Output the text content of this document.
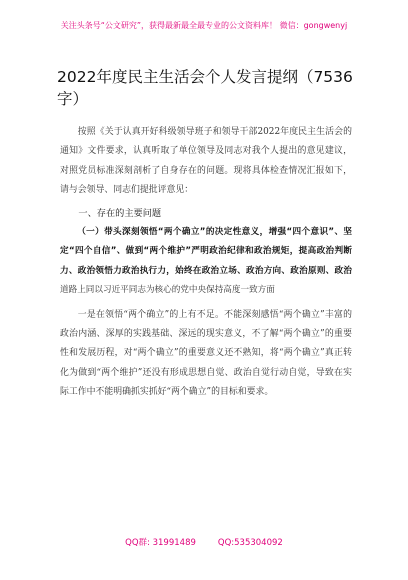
关注头条号“公文研究”，获得最新最全最专业的公文资料库！ 微信：gongwenyj
2022年度民主生活会个人发言提纲（7536字）

按照《关于认真开好科级领导班子和领导干部2022年度民主生活会的通知》文件要求，认真听取了单位领导及同志对我个人提出的意见建议，对照党员标准深刻剖析了自身存在的问题。现将具体检查情况汇报如下，请与会领导、同志们提批评意见：

一、存在的主要问题

（一）带头深刻领悟“两个确立”的决定性意义，增强“四个意识”、坚定“四个自信”、做到“两个维护”严明政治纪律和政治规矩，提高政治判断力、政治领悟力政治执行力，始终在政治立场、政治方向、政治原则、政治道路上同以习近平同志为核心的党中央保持高度一致方面

一是在领悟“两个确立”的上有不足。不能深刻感悟“两个确立”丰富的政治内涵、深厚的实践基础、深远的现实意义，不了解“两个确立”的重要性和发展历程，对“两个确立”的重要意义还不熟知，将“两个确立”真正转化为做到“两个维护”还没有形成思想自觉、政治自觉行动自觉，导致在实际工作中不能明确抓实抓好“两个确立”的目标和要求。

QQ群: 31991489	QQ:535304092
